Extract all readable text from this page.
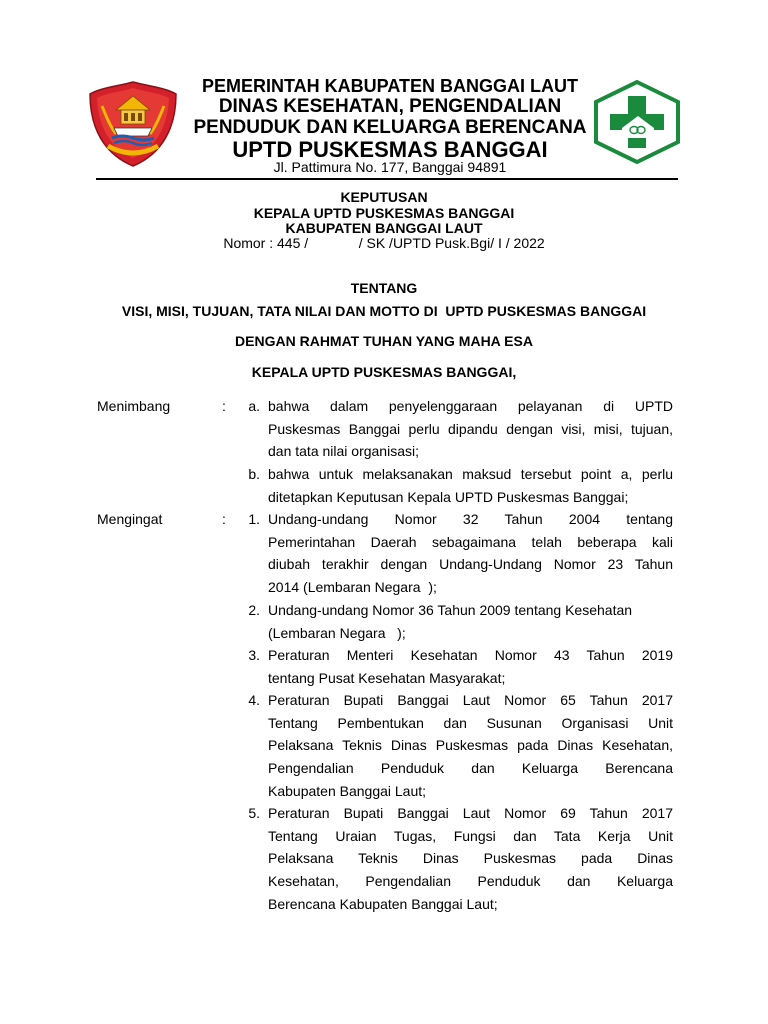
PEMERINTAH KABUPATEN BANGGAI LAUT
DINAS KESEHATAN, PENGENDALIAN
PENDUDUK DAN KELUARGA BERENCANA
UPTD PUSKESMAS BANGGAI
Jl. Pattimura No. 177, Banggai 94891
KEPUTUSAN
KEPALA UPTD PUSKESMAS BANGGAI
KABUPATEN BANGGAI LAUT
Nomor : 445 /             / SK /UPTD Pusk.Bgi/ I / 2022
TENTANG
VISI, MISI, TUJUAN, TATA NILAI DAN MOTTO DI  UPTD PUSKESMAS BANGGAI
DENGAN RAHMAT TUHAN YANG MAHA ESA
KEPALA UPTD PUSKESMAS BANGGAI,
Menimbang	:	a. bahwa dalam penyelenggaraan pelayanan di UPTD
Puskesmas Banggai perlu dipandu dengan visi, misi, tujuan,
dan tata nilai organisasi;
b. bahwa untuk melaksanakan maksud tersebut point a, perlu
ditetapkan Keputusan Kepala UPTD Puskesmas Banggai;
Mengingat	:	1. Undang-undang Nomor 32 Tahun 2004 tentang
Pemerintahan Daerah sebagaimana telah beberapa kali
diubah terakhir dengan Undang-Undang Nomor 23 Tahun
2014 (Lembaran Negara  );
2. Undang-undang Nomor 36 Tahun 2009 tentang Kesehatan
(Lembaran Negara   );
3. Peraturan Menteri Kesehatan Nomor 43 Tahun 2019
tentang Pusat Kesehatan Masyarakat;
4. Peraturan Bupati Banggai Laut Nomor 65 Tahun 2017
Tentang Pembentukan dan Susunan Organisasi Unit
Pelaksana Teknis Dinas Puskesmas pada Dinas Kesehatan,
Pengendalian Penduduk dan Keluarga Berencana
Kabupaten Banggai Laut;
5. Peraturan Bupati Banggai Laut Nomor 69 Tahun 2017
Tentang Uraian Tugas, Fungsi dan Tata Kerja Unit
Pelaksana Teknis Dinas Puskesmas pada Dinas
Kesehatan, Pengendalian Penduduk dan Keluarga
Berencana Kabupaten Banggai Laut;
